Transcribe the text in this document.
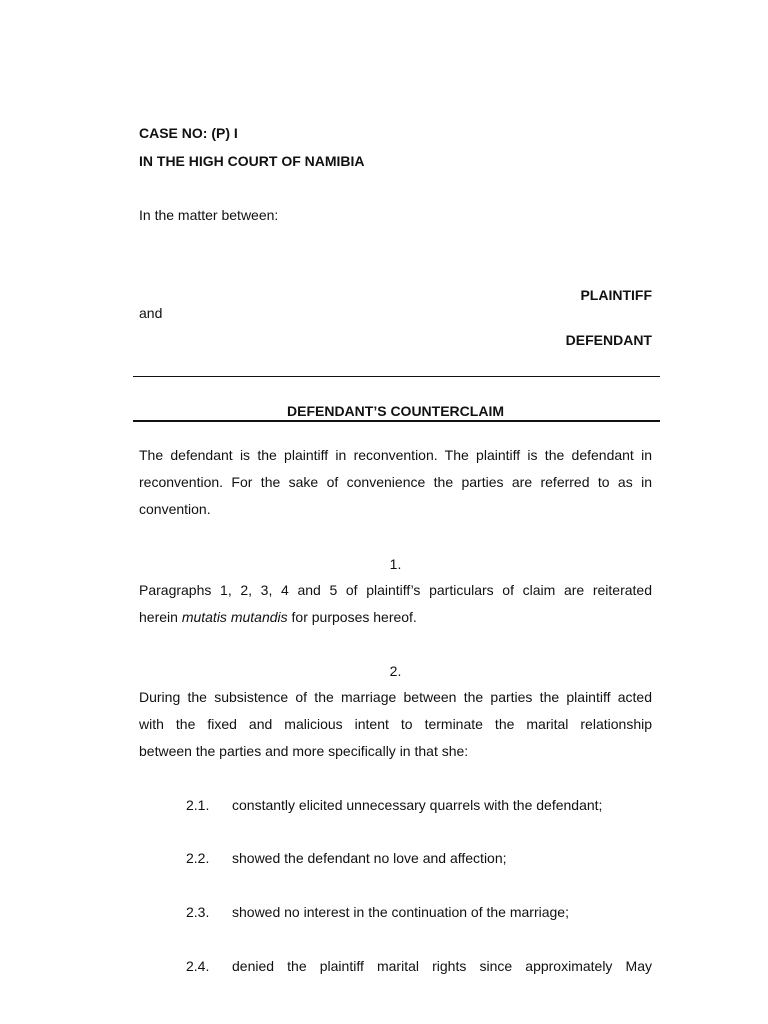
CASE NO: (P) I
IN THE HIGH COURT OF NAMIBIA
In the matter between:
PLAINTIFF
and
DEFENDANT
DEFENDANT’S COUNTERCLAIM
The defendant is the plaintiff in reconvention. The plaintiff is the defendant in
reconvention. For the sake of convenience the parties are referred to as in
convention.
1.
Paragraphs 1, 2, 3, 4 and 5 of plaintiff’s particulars of claim are reiterated
herein mutatis mutandis for purposes hereof.
2.
During the subsistence of the marriage between the parties the plaintiff acted
with the fixed and malicious intent to terminate the marital relationship
between the parties and more specifically in that she:
2.1. constantly elicited unnecessary quarrels with the defendant;
2.2. showed the defendant no love and affection;
2.3. showed no interest in the continuation of the marriage;
2.4. denied the plaintiff marital rights since approximately May
